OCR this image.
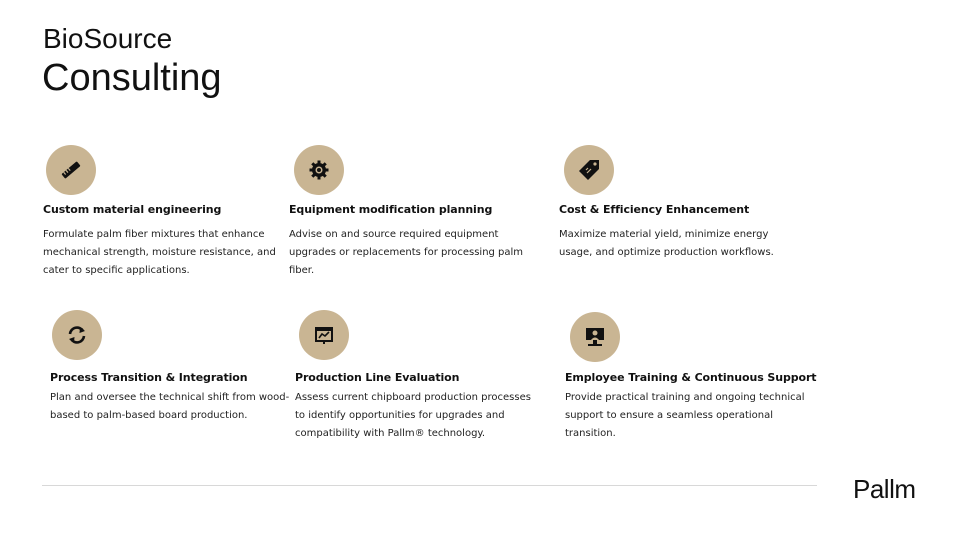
BioSource
Consulting
Custom material engineering
Formulate palm fiber mixtures that enhance mechanical strength, moisture resistance, and cater to specific applications.
Equipment modification planning
Advise on and source required equipment upgrades or replacements for processing palm fiber.
Cost & Efficiency Enhancement
Maximize material yield, minimize energy usage, and optimize production workflows.
Process Transition & Integration
Plan and oversee the technical shift from wood-based to palm-based board production.
Production Line Evaluation
Assess current chipboard production processes to identify opportunities for upgrades and compatibility with Pallm® technology.
Employee Training & Continuous Support
Provide practical training and ongoing technical support to ensure a seamless operational transition.
Pallm
